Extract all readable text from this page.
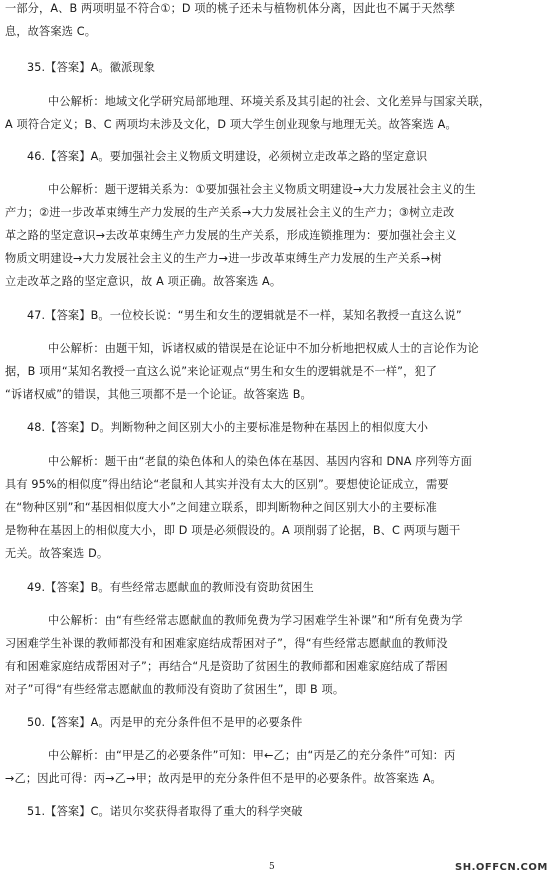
一部分，A、B 两项明显不符合①；D 项的桃子还未与植物机体分离，因此也不属于天然孳
息，故答案选 C。
35.【答案】A。徽派现象
中公解析：地域文化学研究局部地理、环境关系及其引起的社会、文化差异与国家关联，
A 项符合定义；B、C 两项均未涉及文化，D 项大学生创业现象与地理无关。故答案选 A。
46.【答案】A。要加强社会主义物质文明建设，必须树立走改革之路的坚定意识
中公解析：题干逻辑关系为：①要加强社会主义物质文明建设→大力发展社会主义的生
产力；②进一步改革束缚生产力发展的生产关系→大力发展社会主义的生产力；③树立走改
革之路的坚定意识→去改革束缚生产力发展的生产关系，形成连锁推理为：要加强社会主义
物质文明建设→大力发展社会主义的生产力→进一步改革束缚生产力发展的生产关系→树
立走改革之路的坚定意识，故 A 项正确。故答案选 A。
47.【答案】B。一位校长说：“男生和女生的逻辑就是不一样，某知名教授一直这么说”
中公解析：由题干知，诉诸权威的错误是在论证中不加分析地把权威人士的言论作为论
据，B 项用“某知名教授一直这么说”来论证观点“男生和女生的逻辑就是不一样”，犯了
“诉诸权威”的错误，其他三项都不是一个论证。故答案选 B。
48.【答案】D。判断物种之间区别大小的主要标准是物种在基因上的相似度大小
中公解析：题干由“老鼠的染色体和人的染色体在基因、基因内容和 DNA 序列等方面
具有 95%的相似度”得出结论“老鼠和人其实并没有太大的区别”。要想使论证成立，需要
在“物种区别”和“基因相似度大小”之间建立联系，即判断物种之间区别大小的主要标准
是物种在基因上的相似度大小，即 D 项是必须假设的。A 项削弱了论据，B、C 两项与题干
无关。故答案选 D。
49.【答案】B。有些经常志愿献血的教师没有资助贫困生
中公解析：由“有些经常志愿献血的教师免费为学习困难学生补课”和“所有免费为学
习困难学生补课的教师都没有和困难家庭结成帮困对子”，得“有些经常志愿献血的教师没
有和困难家庭结成帮困对子”；再结合“凡是资助了贫困生的教师都和困难家庭结成了帮困
对子”可得“有些经常志愿献血的教师没有资助了贫困生”，即 B 项。
50.【答案】A。丙是甲的充分条件但不是甲的必要条件
中公解析：由“甲是乙的必要条件”可知：甲←乙；由“丙是乙的充分条件”可知：丙
→乙；因此可得：丙→乙→甲；故丙是甲的充分条件但不是甲的必要条件。故答案选 A。
51.【答案】C。诺贝尔奖获得者取得了重大的科学突破
5	SH.OFFCN.COM
